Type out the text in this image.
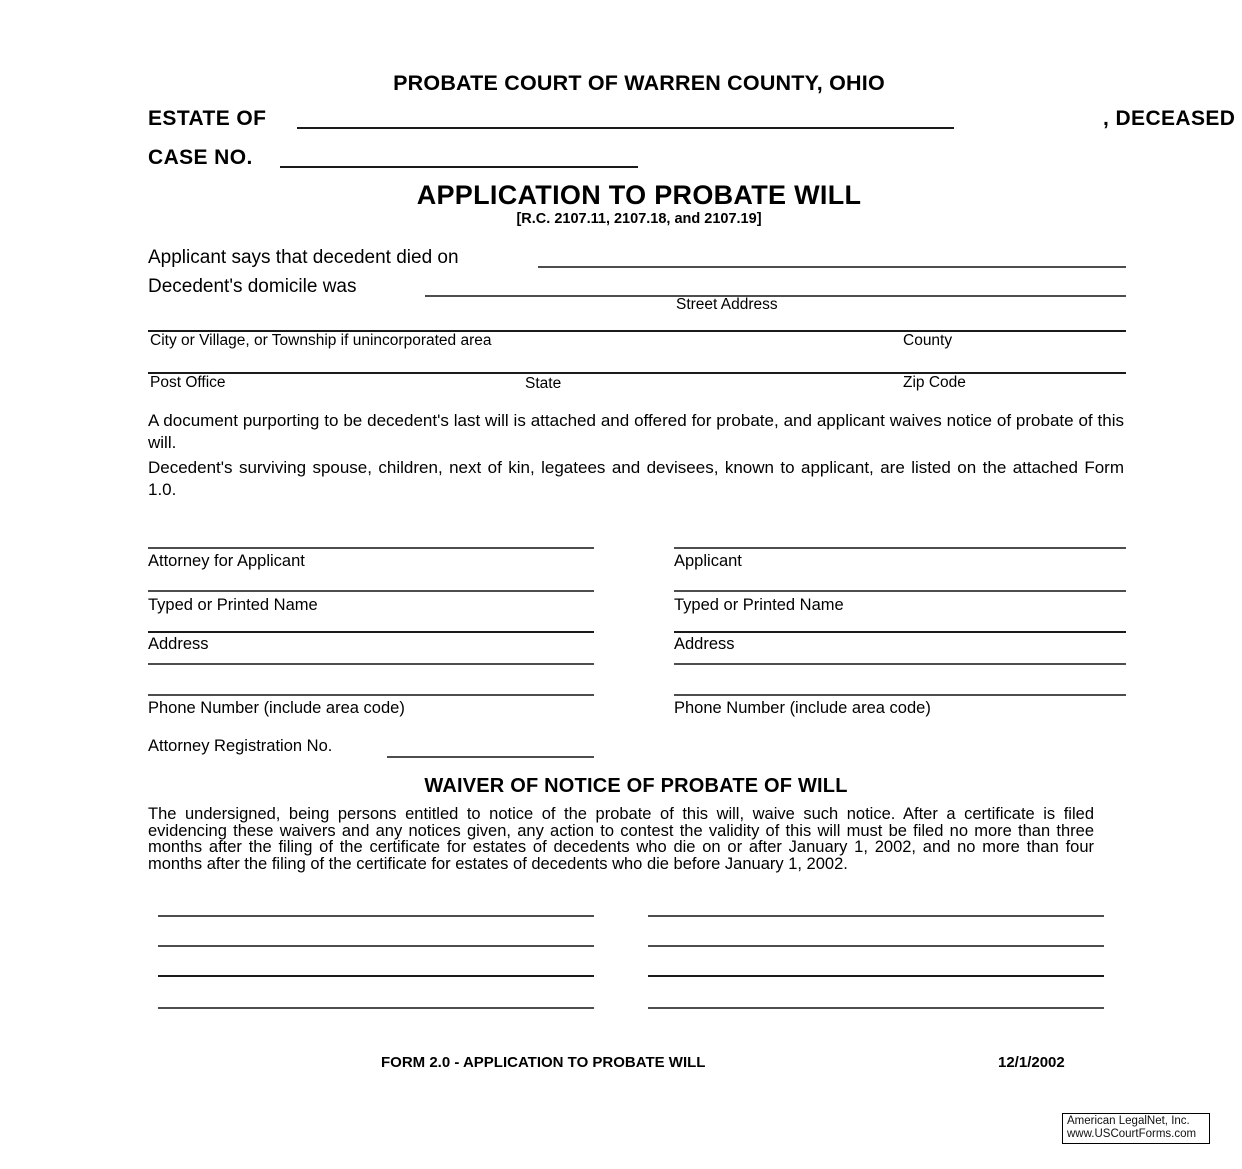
PROBATE COURT OF WARREN COUNTY, OHIO
ESTATE OF	, DECEASED
CASE NO.
APPLICATION TO PROBATE WILL
[R.C. 2107.11, 2107.18, and 2107.19]
Applicant says that decedent died on
Decedent's domicile was
Street Address
City or Village, or Township if unincorporated area	County
Post Office	State	Zip Code
A document purporting to be decedent's last will is attached and offered for probate, and applicant waives notice of probate of this will.
Decedent's surviving spouse, children, next of kin, legatees and devisees, known to applicant, are listed on the attached Form 1.0.
Attorney for Applicant
Typed or Printed Name
Address
Phone Number (include area code)
Attorney Registration No.
Applicant
Typed or Printed Name
Address
Phone Number (include area code)
WAIVER OF NOTICE OF PROBATE OF WILL
The undersigned, being persons entitled to notice of the probate of this will, waive such notice. After a certificate is filed evidencing these waivers and any notices given, any action to contest the validity of this will must be filed no more than three months after the filing of the certificate for estates of decedents who die on or after January 1, 2002, and no more than four months after the filing of the certificate for estates of decedents who die before January 1, 2002.
FORM 2.0 - APPLICATION TO PROBATE WILL	12/1/2002
American LegalNet, Inc.
www.USCourtForms.com
